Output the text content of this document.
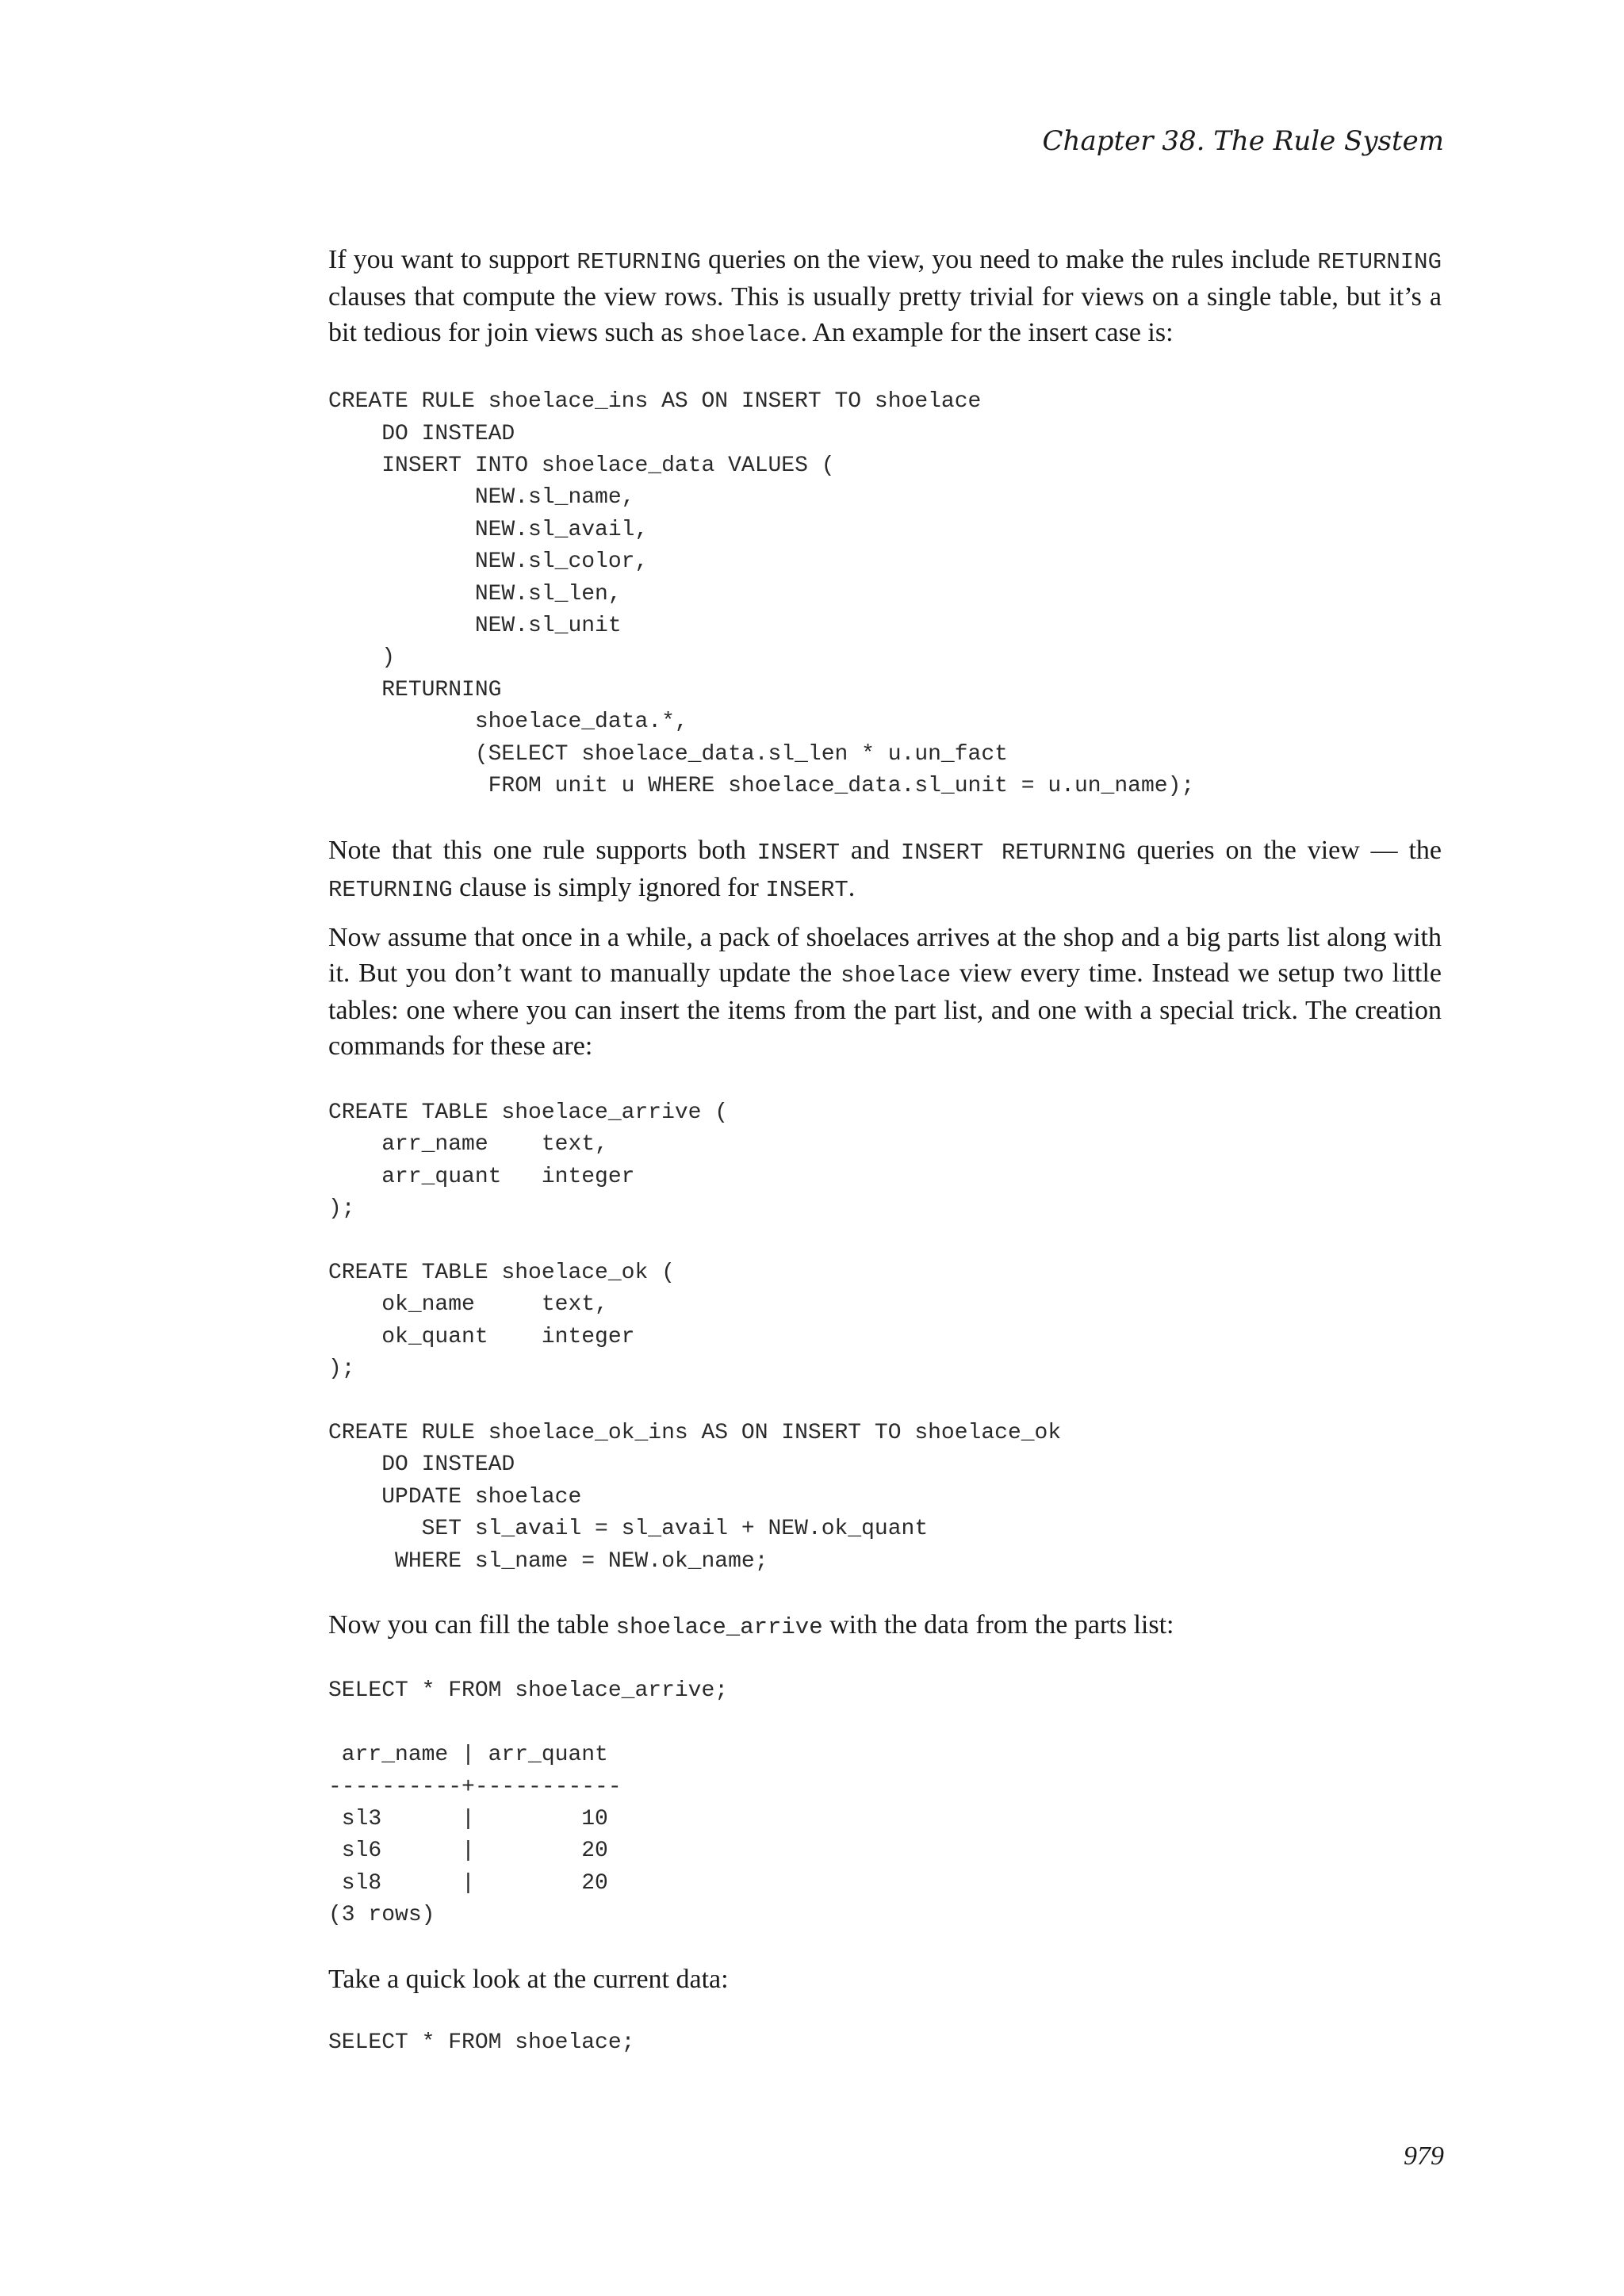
Chapter 38. The Rule System

If you want to support RETURNING queries on the view, you need to make the rules include RETURNING clauses that compute the view rows. This is usually pretty trivial for views on a single table, but it’s a bit tedious for join views such as shoelace. An example for the insert case is:

CREATE RULE shoelace_ins AS ON INSERT TO shoelace
DO INSTEAD
INSERT INTO shoelace_data VALUES (
NEW.sl_name,
NEW.sl_avail,
NEW.sl_color,
NEW.sl_len,
NEW.sl_unit
)
RETURNING
shoelace_data.*,
(SELECT shoelace_data.sl_len * u.un_fact
FROM unit u WHERE shoelace_data.sl_unit = u.un_name);

Note that this one rule supports both INSERT and INSERT RETURNING queries on the view — the RETURNING clause is simply ignored for INSERT.

Now assume that once in a while, a pack of shoelaces arrives at the shop and a big parts list along with it. But you don’t want to manually update the shoelace view every time. Instead we setup two little tables: one where you can insert the items from the part list, and one with a special trick. The creation commands for these are:

CREATE TABLE shoelace_arrive (
arr_name    text,
arr_quant   integer
);

CREATE TABLE shoelace_ok (
ok_name     text,
ok_quant    integer
);

CREATE RULE shoelace_ok_ins AS ON INSERT TO shoelace_ok
DO INSTEAD
UPDATE shoelace
SET sl_avail = sl_avail + NEW.ok_quant
WHERE sl_name = NEW.ok_name;

Now you can fill the table shoelace_arrive with the data from the parts list:

SELECT * FROM shoelace_arrive;

arr_name | arr_quant
----------+-----------
sl3      |        10
sl6      |        20
sl8      |        20
(3 rows)

Take a quick look at the current data:

SELECT * FROM shoelace;
979
